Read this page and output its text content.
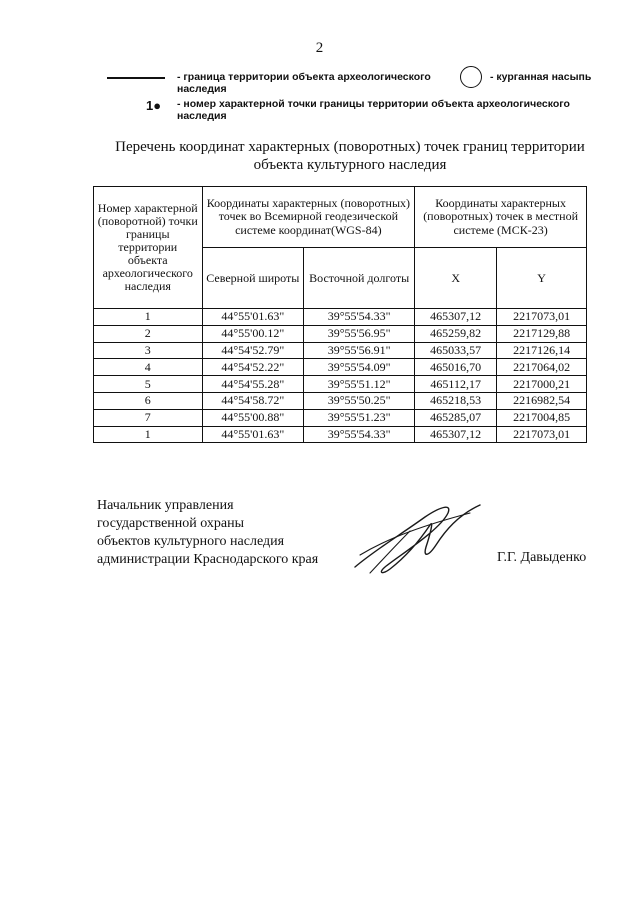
2
- граница территории объекта археологического наследия
- курганная насыпь
1● - номер характерной точки границы территории объекта археологического наследия
Перечень координат характерных (поворотных) точек границ территории
объекта культурного наследия
Номер характерной (поворотной) точки границы территории объекта археологического наследия	Координаты характерных (поворотных) точек во Всемирной геодезической системе координат(WGS-84)		Координаты характерных (поворотных) точек в местной системе (МСК-23)	
	Северной широты	Восточной долготы	X	Y
1	44°55'01.63"	39°55'54.33"	465307,12	2217073,01
2	44°55'00.12"	39°55'56.95"	465259,82	2217129,88
3	44°54'52.79"	39°55'56.91"	465033,57	2217126,14
4	44°54'52.22"	39°55'54.09"	465016,70	2217064,02
5	44°54'55.28"	39°55'51.12"	465112,17	2217000,21
6	44°54'58.72"	39°55'50.25"	465218,53	2216982,54
7	44°55'00.88"	39°55'51.23"	465285,07	2217004,85
1	44°55'01.63"	39°55'54.33"	465307,12	2217073,01
Начальник управления
государственной охраны
объектов культурного наследия
администрации Краснодарского края	Г.Г. Давыденко
